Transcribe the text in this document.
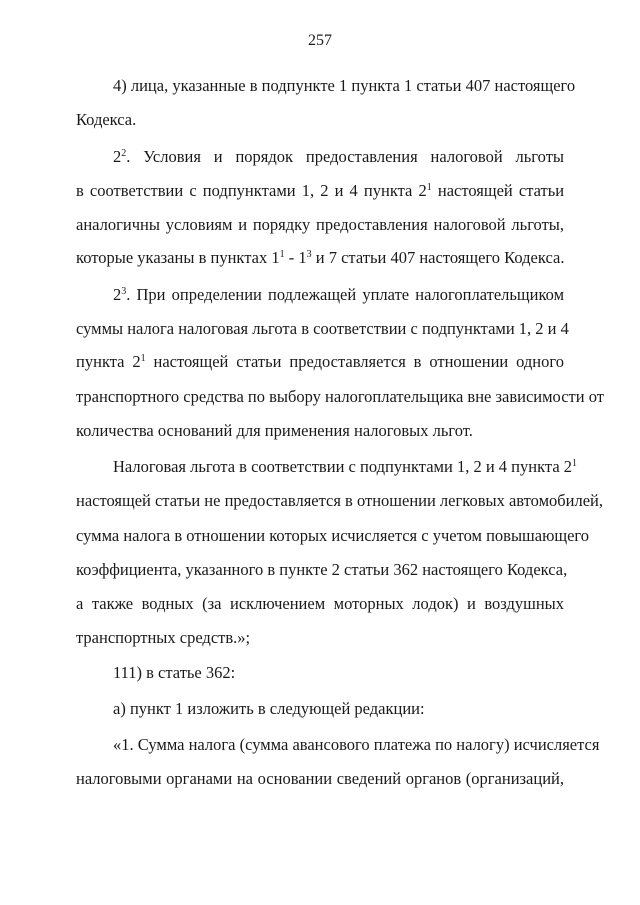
257
4) лица, указанные в подпункте 1 пункта 1 статьи 407 настоящего
Кодекса.
$2^2$. Условия и порядок предоставления налоговой льготы
в соответствии с подпунктами 1, 2 и 4 пункта $2^1$ настоящей статьи
аналогичны условиям и порядку предоставления налоговой льготы,
которые указаны в пунктах $1^1 - 1^3$ и 7 статьи 407 настоящего Кодекса.
$2^3$. При определении подлежащей уплате налогоплательщиком
суммы налога налоговая льгота в соответствии с подпунктами 1, 2 и 4
пункта $2^1$ настоящей статьи предоставляется в отношении одного
транспортного средства по выбору налогоплательщика вне зависимости от
количества оснований для применения налоговых льгот.
Налоговая льгота в соответствии с подпунктами 1, 2 и 4 пункта $2^1$
настоящей статьи не предоставляется в отношении легковых автомобилей,
сумма налога в отношении которых исчисляется с учетом повышающего
коэффициента, указанного в пункте 2 статьи 362 настоящего Кодекса,
а также водных (за исключением моторных лодок) и воздушных
транспортных средств.»;
111) в статье 362:
а) пункт 1 изложить в следующей редакции:
«1. Сумма налога (сумма авансового платежа по налогу) исчисляется
налоговыми органами на основании сведений органов (организаций,
